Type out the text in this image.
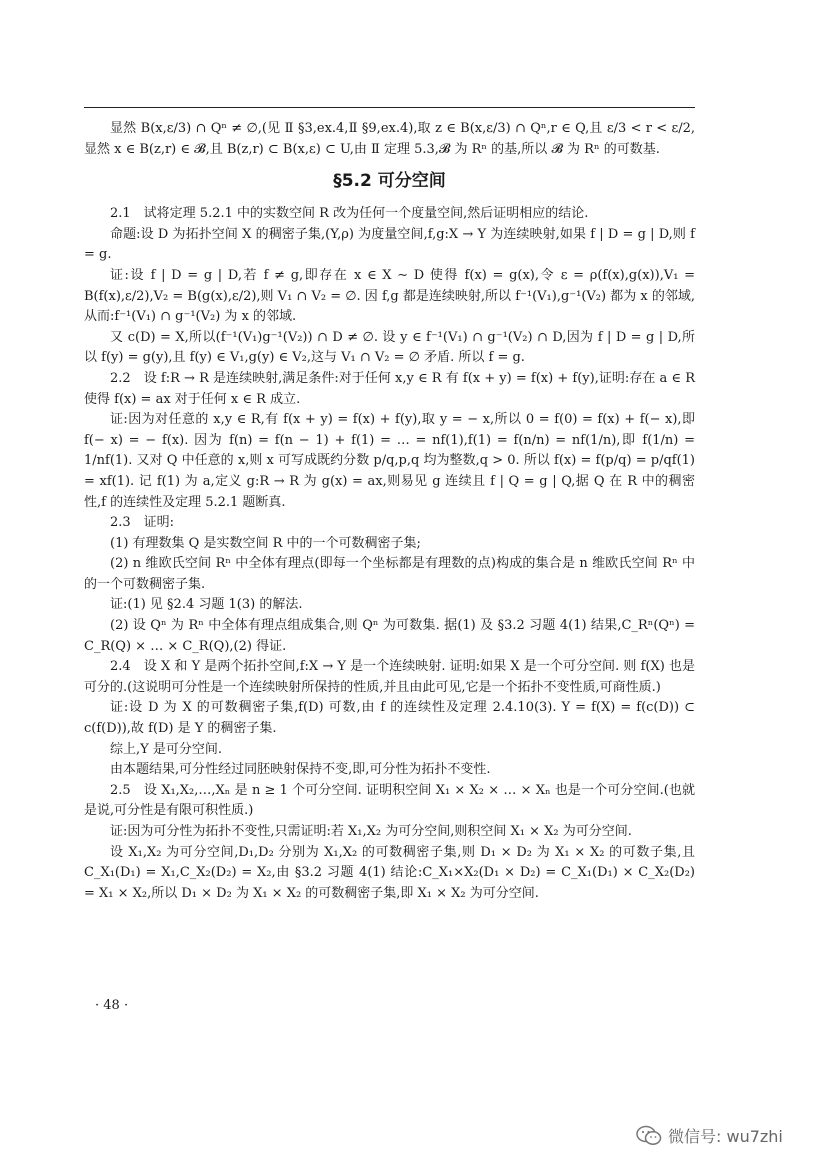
显然 B(x,ε/3) ∩ Qⁿ ≠ ∅,(见 Ⅱ §3,ex.4,Ⅱ §9,ex.4),取 z ∈ B(x,ε/3) ∩ Qⁿ,r ∈ Q,且 ε/3 < r < ε/2,显然 x ∈ B(z,r) ∈ 𝓑,且 B(z,r) ⊂ B(x,ε) ⊂ U,由 Ⅱ 定理 5.3,𝓑 为 Rⁿ 的基,所以 𝓑 为 Rⁿ 的可数基.

§5.2 可分空间

2.1　试将定理 5.2.1 中的实数空间 R 改为任何一个度量空间,然后证明相应的结论.

命题:设 D 为拓扑空间 X 的稠密子集,(Y,ρ) 为度量空间,f,g:X → Y 为连续映射,如果 f | D = g | D,则 f = g.

证:设 f | D = g | D,若 f ≠ g,即存在 x ∈ X ∼ D 使得 f(x) = g(x),令 ε = ρ(f(x),g(x)),V₁ = B(f(x),ε/2),V₂ = B(g(x),ε/2),则 V₁ ∩ V₂ = ∅. 因 f,g 都是连续映射,所以 f⁻¹(V₁),g⁻¹(V₂) 都为 x 的邻域,从而:f⁻¹(V₁) ∩ g⁻¹(V₂) 为 x 的邻域.

又 c(D) = X,所以(f⁻¹(V₁)g⁻¹(V₂)) ∩ D ≠ ∅. 设 y ∈ f⁻¹(V₁) ∩ g⁻¹(V₂) ∩ D,因为 f | D = g | D,所以 f(y) = g(y),且 f(y) ∈ V₁,g(y) ∈ V₂,这与 V₁ ∩ V₂ = ∅ 矛盾. 所以 f = g.

2.2　设 f:R → R 是连续映射,满足条件:对于任何 x,y ∈ R 有 f(x + y) = f(x) + f(y),证明:存在 a ∈ R 使得 f(x) = ax 对于任何 x ∈ R 成立.

证:因为对任意的 x,y ∈ R,有 f(x + y) = f(x) + f(y),取 y = − x,所以 0 = f(0) = f(x) + f(− x),即 f(− x) = − f(x). 因为 f(n) = f(n − 1) + f(1) = … = nf(1),f(1) = f(n/n) = nf(1/n),即 f(1/n) = 1/nf(1). 又对 Q 中任意的 x,则 x 可写成既约分数 p/q,p,q 均为整数,q > 0. 所以 f(x) = f(p/q) = p/qf(1) = xf(1). 记 f(1) 为 a,定义 g:R → R 为 g(x) = ax,则易见 g 连续且 f | Q = g | Q,据 Q 在 R 中的稠密性,f 的连续性及定理 5.2.1 题断真.

2.3　证明:

(1) 有理数集 Q 是实数空间 R 中的一个可数稠密子集;

(2) n 维欧氏空间 Rⁿ 中全体有理点(即每一个坐标都是有理数的点)构成的集合是 n 维欧氏空间 Rⁿ 中的一个可数稠密子集.

证:(1) 见 §2.4 习题 1(3) 的解法.

(2) 设 Qⁿ 为 Rⁿ 中全体有理点组成集合,则 Qⁿ 为可数集. 据(1) 及 §3.2 习题 4(1) 结果,C_Rⁿ(Qⁿ) = C_R(Q) × … × C_R(Q),(2) 得证.

2.4　设 X 和 Y 是两个拓扑空间,f:X → Y 是一个连续映射. 证明:如果 X 是一个可分空间. 则 f(X) 也是可分的.(这说明可分性是一个连续映射所保持的性质,并且由此可见,它是一个拓扑不变性质,可商性质.)

证:设 D 为 X 的可数稠密子集,f(D) 可数,由 f 的连续性及定理 2.4.10(3). Y = f(X) = f(c(D)) ⊂ c(f(D)),故 f(D) 是 Y 的稠密子集.

综上,Y 是可分空间.

由本题结果,可分性经过同胚映射保持不变,即,可分性为拓扑不变性.

2.5　设 X₁,X₂,…,Xₙ 是 n ≥ 1 个可分空间. 证明积空间 X₁ × X₂ × … × Xₙ 也是一个可分空间.(也就是说,可分性是有限可积性质.)

证:因为可分性为拓扑不变性,只需证明:若 X₁,X₂ 为可分空间,则积空间 X₁ × X₂ 为可分空间.

设 X₁,X₂ 为可分空间,D₁,D₂ 分别为 X₁,X₂ 的可数稠密子集,则 D₁ × D₂ 为 X₁ × X₂ 的可数子集,且 C_X₁(D₁) = X₁,C_X₂(D₂) = X₂,由 §3.2 习题 4(1) 结论:C_X₁×X₂(D₁ × D₂) = C_X₁(D₁) × C_X₂(D₂) = X₁ × X₂,所以 D₁ × D₂ 为 X₁ × X₂ 的可数稠密子集,即 X₁ × X₂ 为可分空间.

· 48 ·
微信号: wu7zhi
